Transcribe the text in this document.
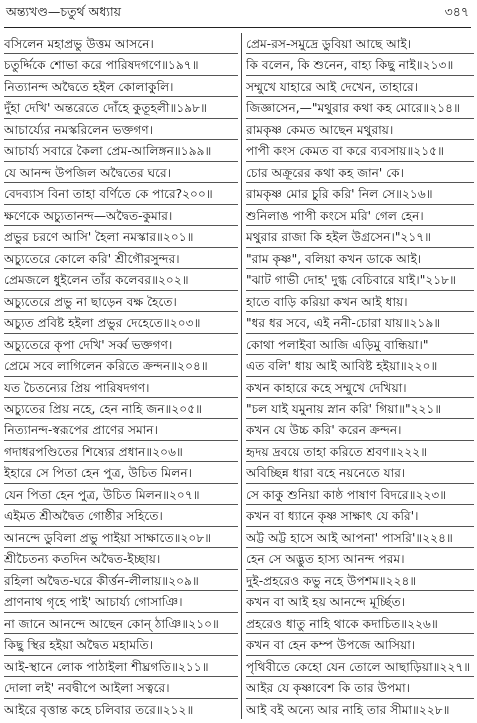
অন্ত্যখণ্ড—চতুর্থ অধ্যায়	৩৪৭
বসিলেন মহাপ্রভু উত্তম আসনে।
চতুর্দ্দিকে শোভা করে পারিষদগণে॥১৯৭॥
নিত্যানন্দ অদ্বৈতে হইল কোলাকুলি।
দুঁহা দেখি' অন্তরেতে দোঁহে কুতূহলী॥১৯৮॥
আচার্য্যের নমস্করিলেন ভক্তগণ।
আচার্য্য সবারে কৈলা প্রেম-আলিঙ্গন॥১৯৯॥
যে আনন্দ উপজিল অদ্বৈতের ঘরে।
বেদব্যাস বিনা তাহা বর্ণিতে কে পারে?২০০॥
ক্ষণেকে অচ্যুতানন্দ—অদ্বৈত-কুমার।
প্রভুর চরণে আসি' হৈলা নমস্কার॥২০১॥
অচ্যুতেরে কোলে করি' শ্রীগৌরসুন্দর।
প্রেমজলে ধুইলেন তাঁর কলেবর॥২০২॥
অচ্যুতেরে প্রভু না ছাড়েন বক্ষ হৈতে।
অচ্যুত প্রবিষ্ট হইলা প্রভুর দেহেতে॥২০৩॥
অচ্যুতেরে কৃপা দেখি' সর্ব্ব ভক্তগণ।
প্রেমে সবে লাগিলেন করিতে ক্রন্দন॥২০৪॥
যত চৈতন্যের প্রিয় পারিষদগণ।
অচ্যুতের প্রিয় নহে, হেন নাহি জন॥২০৫॥
নিত্যানন্দ-স্বরূপের প্রাণের সমান।
গদাধরপণ্ডিতের শিষ্যের প্রধান॥২০৬॥
ইহারে সে পিতা হেন পুত্র, উচিত মিলন।
যেন পিতা হেন পুত্র, উচিত মিলন॥২০৭॥
এইমত শ্রীঅদ্বৈত গোষ্ঠীর সহিতে।
আনন্দে ডুবিলা প্রভু পাইয়া সাক্ষাতে॥২০৮॥
শ্রীচৈতন্য কতদিন অদ্বৈত-ইচ্ছায়।
রহিলা অদ্বৈত-ঘরে কীর্ত্তন-লীলায়॥২০৯॥
প্রাণনাথ গৃহে পাই' আচার্য্য গোসাঞি।
না জানে আনন্দে আছেন কোন্ ঠাঞি॥২১০॥
কিছু স্থির হইয়া অদ্বৈত মহামতি।
আই-স্থানে লোক পাঠাইলা শীঘ্রগতি॥২১১॥
দোলা লই' নবদ্বীপে আইলা সত্বরে।
আইরে বৃত্তান্ত কহে চলিবার তরে॥২১২॥
প্রেম-রস-সমুদ্রে ডুবিয়া আছে আই।
কি বলেন, কি শুনেন, বাহ্য কিছু নাই॥২১৩॥
সম্মুখে যাহারে আই দেখেন, তাহারে।
জিজ্ঞাসেন,—"মথুরার কথা কহ মোরে॥২১৪॥
রামকৃষ্ণ কেমত আছেন মথুরায়।
পাপী কংস কেমত বা করে ব্যবসায়॥২১৫॥
চোর অক্রূরের কথা কহ জান' কে।
রামকৃষ্ণ মোর চুরি করি' নিল সে॥২১৬॥
শুনিলাঙ পাপী কংসে মরি' গেল হেন।
মথুরার রাজা কি হইল উগ্রসেন।"২১৭॥
"রাম কৃষ্ণ", বলিয়া কখন ডাকে আই।
"ঝাট গাভী দোহ' দুগ্ধ বেচিবারে যাই।"২১৮॥
হাতে বাড়ি করিয়া কখন আই ধায়।
"ধর ধর সবে, এই ননী-চোরা যায়॥২১৯॥
কোথা পলাইবা আজি এড়িমু বান্ধিয়া।"
এত বলি' ধায় আই আবিষ্ট হইয়া॥২২০॥
কখন কাহারে কহে সম্মুখে দেখিয়া।
"চল যাই যমুনায় স্নান করি' গিয়া॥"২২১॥
কখন যে উচ্চ করি' করেন ক্রন্দন।
হৃদয় দ্রবয়ে তাহা করিতে শ্রবণ॥২২২॥
অবিচ্ছিন্ন ধারা বহে নয়নেতে যার।
সে কাকু শুনিয়া কাষ্ঠ পাষাণ বিদরে॥২২৩॥
কখন বা ধ্যানে কৃষ্ণ সাক্ষাৎ যে করি'।
অট্ট অট্ট হাসে আই আপনা' পাসরি'॥২২৪॥
হেন সে অদ্ভুত হাস্য আনন্দ পরম।
দুই-প্রহরেও কভু নহে উপশম॥২২৪॥
কখন বা আই হয় আনন্দে মূর্চ্ছিত।
প্রহরেও ধাতু নাহি থাকে কদাচিত॥২২৬॥
কখন বা হেন কম্প উপজে আসিয়া।
পৃথিবীতে কেহো যেন তোলে আছাড়িয়া॥২২৭॥
আইর যে কৃষ্ণাবেশ কি তার উপমা।
আই বই অন্যে আর নাহি তার সীমা॥২২৮॥
